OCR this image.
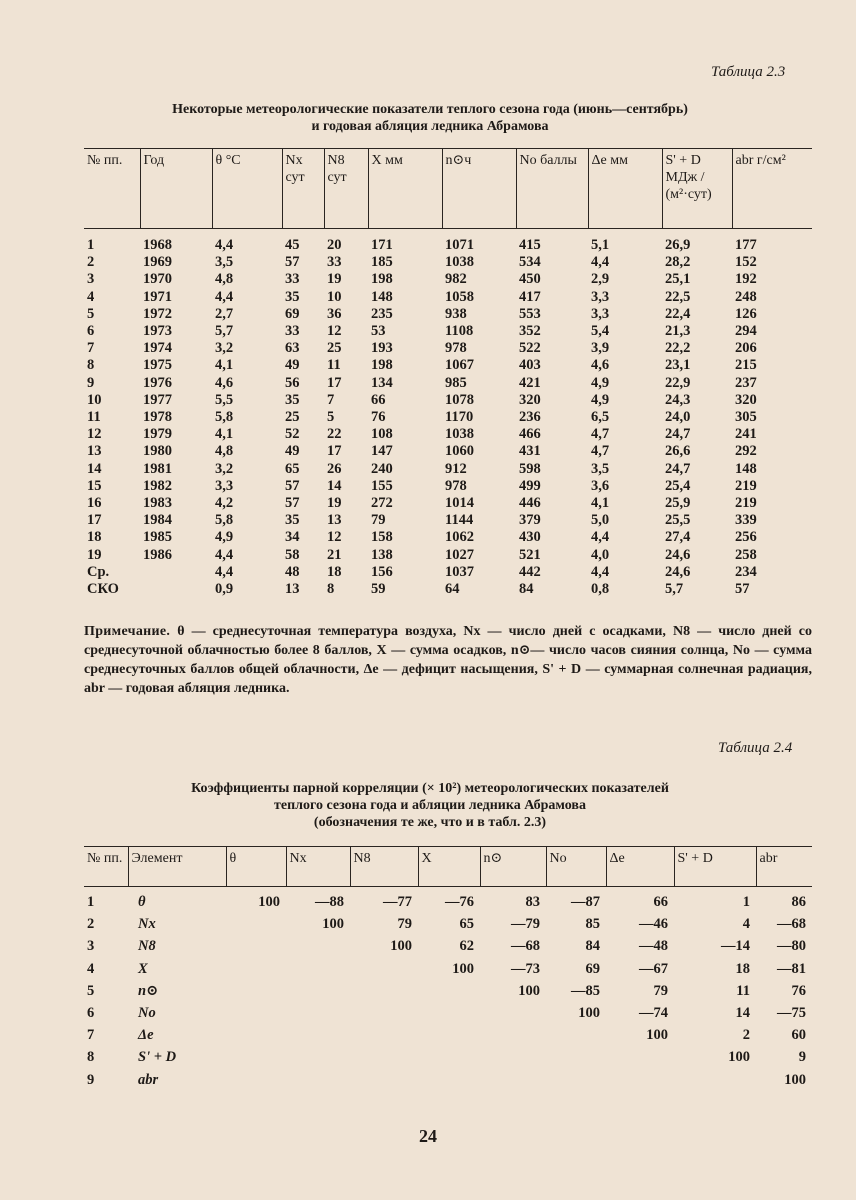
Таблица 2.3
Некоторые метеорологические показатели теплого сезона года (июнь—сентябрь)
и годовая абляция ледника Абрамова
№ пп.	Год	θ °С	Nx сут	N8 сут	X мм	n⊙ч	No баллы	Δe мм	S' + D МДж / (м²·сут)	abr г/см²
1	1968	4,4	45	20	171	1071	415	5,1	26,9	177
2	1969	3,5	57	33	185	1038	534	4,4	28,2	152
3	1970	4,8	33	19	198	982	450	2,9	25,1	192
4	1971	4,4	35	10	148	1058	417	3,3	22,5	248
5	1972	2,7	69	36	235	938	553	3,3	22,4	126
6	1973	5,7	33	12	53	1108	352	5,4	21,3	294
7	1974	3,2	63	25	193	978	522	3,9	22,2	206
8	1975	4,1	49	11	198	1067	403	4,6	23,1	215
9	1976	4,6	56	17	134	985	421	4,9	22,9	237
10	1977	5,5	35	7	66	1078	320	4,9	24,3	320
11	1978	5,8	25	5	76	1170	236	6,5	24,0	305
12	1979	4,1	52	22	108	1038	466	4,7	24,7	241
13	1980	4,8	49	17	147	1060	431	4,7	26,6	292
14	1981	3,2	65	26	240	912	598	3,5	24,7	148
15	1982	3,3	57	14	155	978	499	3,6	25,4	219
16	1983	4,2	57	19	272	1014	446	4,1	25,9	219
17	1984	5,8	35	13	79	1144	379	5,0	25,5	339
18	1985	4,9	34	12	158	1062	430	4,4	27,4	256
19	1986	4,4	58	21	138	1027	521	4,0	24,6	258
Ср.		4,4	48	18	156	1037	442	4,4	24,6	234
СКО		0,9	13	8	59	64	84	0,8	5,7	57
Примечание. θ — среднесуточная температура воздуха, Nx — число дней с осадками, N8 — число дней со среднесуточной облачностью более 8 баллов, X — сумма осадков, n⊙— число часов сияния солнца, No — сумма среднесуточных баллов общей облачности, Δe — дефицит насыщения, S' + D — суммарная солнечная радиация, abr — годовая абляция ледника.
Таблица 2.4
Коэффициенты парной корреляции (× 10²) метеорологических показателей
теплого сезона года и абляции ледника Абрамова
(обозначения те же, что и в табл. 2.3)
№ пп.	Элемент	θ	Nx	N8	X	n⊙	No	Δe	S' + D	abr
1	θ	100	—88	—77	—76	83	—87	66	1	86
2	Nx		100	79	65	—79	85	—46	4	—68
3	N8			100	62	—68	84	—48	—14	—80
4	X				100	—73	69	—67	18	—81
5	n⊙					100	—85	79	11	76
6	No						100	—74	14	—75
7	Δe							100	2	60
8	S' + D								100	9
9	abr									100
24
